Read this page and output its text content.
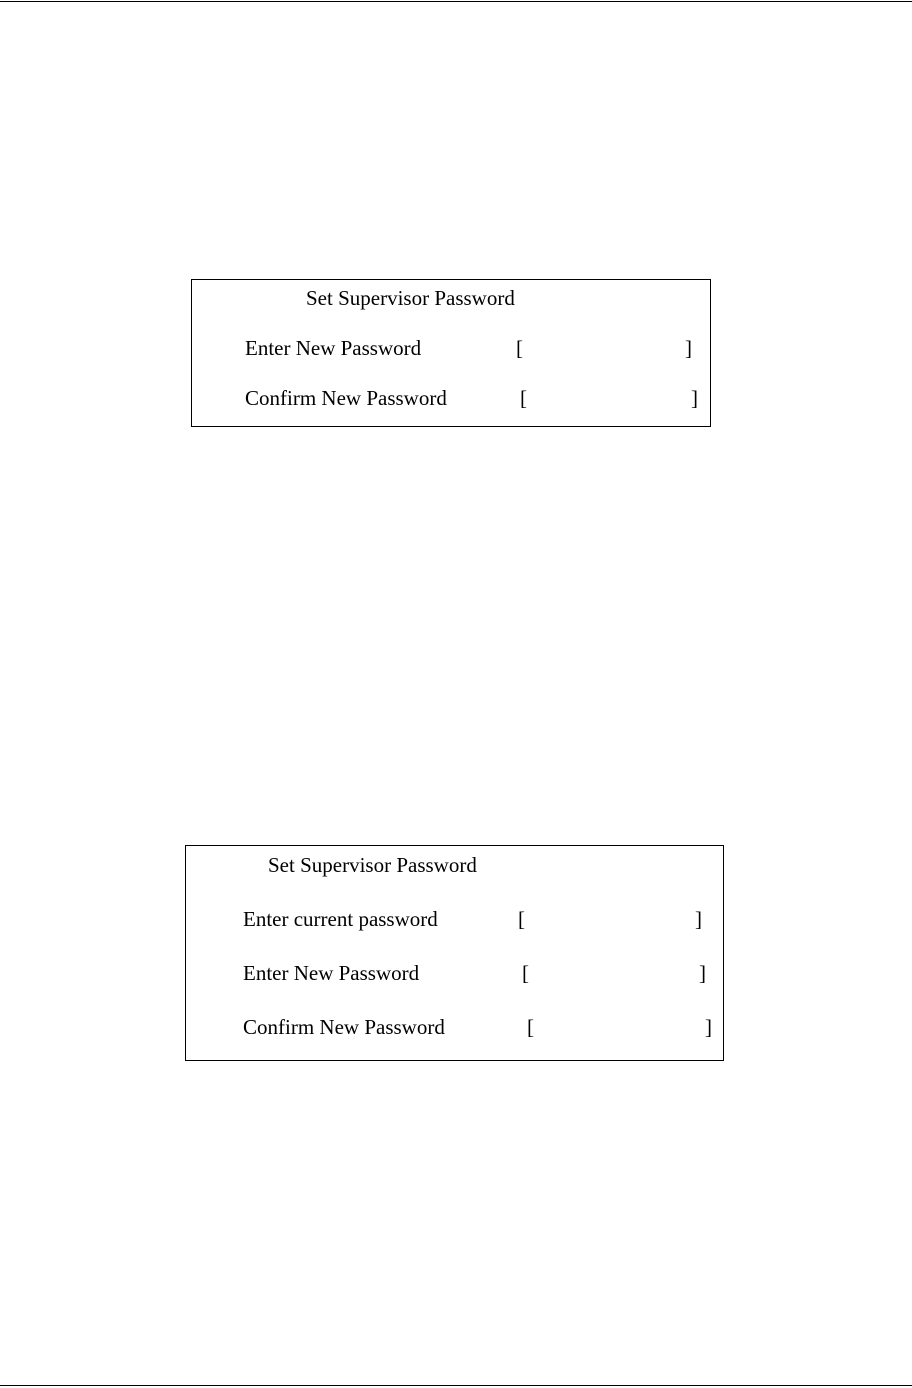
Set Supervisor Password
Enter New Password	[	]
Confirm New Password	[	]
Set Supervisor Password
Enter current password	[	]
Enter New Password	[	]
Confirm New Password	[	]
